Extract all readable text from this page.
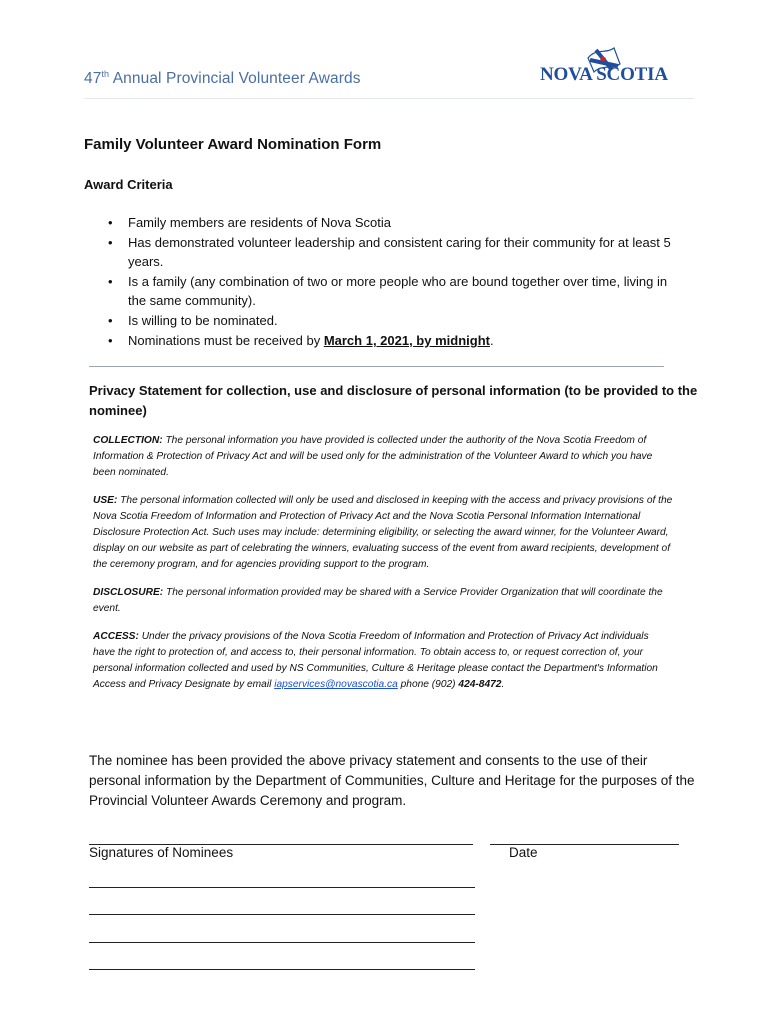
47th Annual Provincial Volunteer Awards	NOVA SCOTIA
Family Volunteer Award Nomination Form
Award Criteria
• Family members are residents of Nova Scotia
• Has demonstrated volunteer leadership and consistent caring for their community for at least 5 years.
• Is a family (any combination of two or more people who are bound together over time, living in the same community).
• Is willing to be nominated.
• Nominations must be received by March 1, 2021, by midnight.
Privacy Statement for collection, use and disclosure of personal information (to be provided to the nominee)

COLLECTION: The personal information you have provided is collected under the authority of the Nova Scotia Freedom of Information & Protection of Privacy Act and will be used only for the administration of the Volunteer Award to which you have been nominated.

USE: The personal information collected will only be used and disclosed in keeping with the access and privacy provisions of the Nova Scotia Freedom of Information and Protection of Privacy Act and the Nova Scotia Personal Information International Disclosure Protection Act. Such uses may include: determining eligibility, or selecting the award winner, for the Volunteer Award, display on our website as part of celebrating the winners, evaluating success of the event from award recipients, development of the ceremony program, and for agencies providing support to the program.

DISCLOSURE: The personal information provided may be shared with a Service Provider Organization that will coordinate the event.

ACCESS: Under the privacy provisions of the Nova Scotia Freedom of Information and Protection of Privacy Act individuals have the right to protection of, and access to, their personal information. To obtain access to, or request correction of, your personal information collected and used by NS Communities, Culture & Heritage please contact the Department's Information Access and Privacy Designate by email iapservices@novascotia.ca phone (902) 424-8472.

The nominee has been provided the above privacy statement and consents to the use of their personal information by the Department of Communities, Culture and Heritage for the purposes of the Provincial Volunteer Awards Ceremony and program.
Signatures of Nominees	Date
